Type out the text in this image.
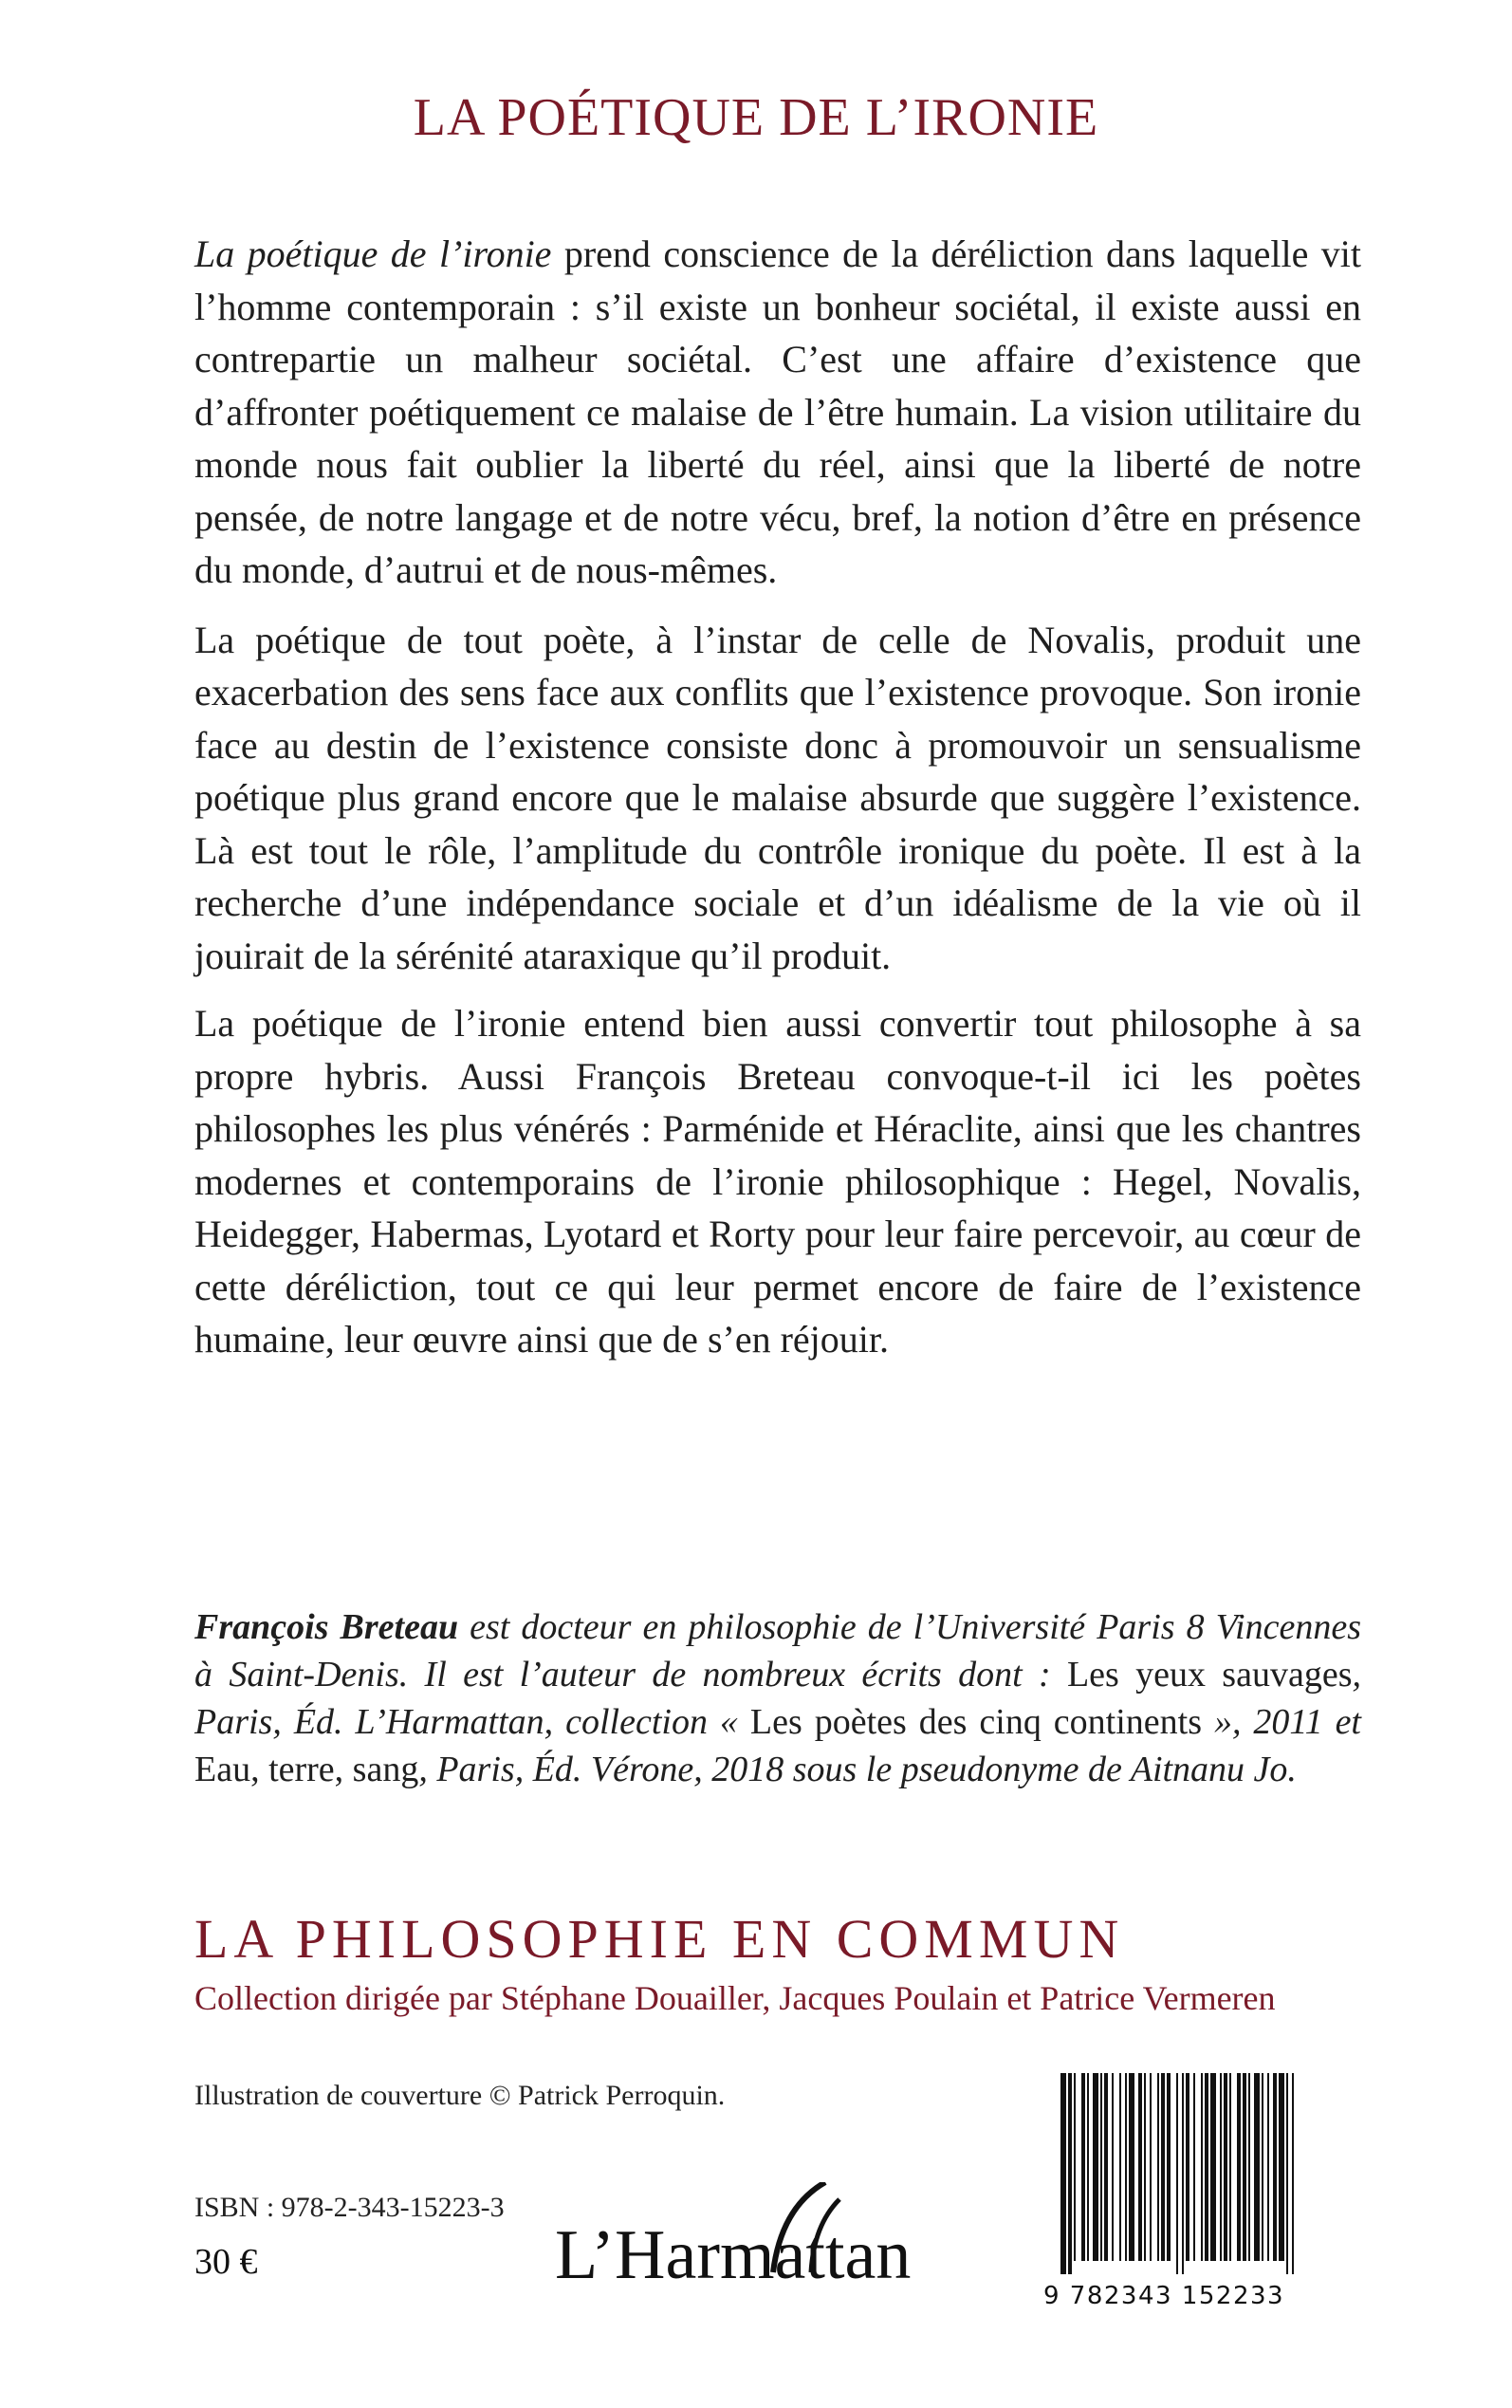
LA POÉTIQUE DE L’IRONIE

La poétique de l’ironie prend conscience de la déréliction dans laquelle vit l’homme contemporain : s’il existe un bonheur sociétal, il existe aussi en contrepartie un malheur sociétal. C’est une affaire d’existence que d’affronter poétiquement ce malaise de l’être humain. La vision utilitaire du monde nous fait oublier la liberté du réel, ainsi que la liberté de notre pensée, de notre langage et de notre vécu, bref, la notion d’être en présence du monde, d’autrui et de nous-mêmes.

La poétique de tout poète, à l’instar de celle de Novalis, produit une exacerbation des sens face aux conflits que l’existence provoque. Son ironie face au destin de l’existence consiste donc à promouvoir un sensualisme poétique plus grand encore que le malaise absurde que suggère l’existence. Là est tout le rôle, l’amplitude du contrôle ironique du poète. Il est à la recherche d’une indépendance sociale et d’un idéalisme de la vie où il jouirait de la sérénité ataraxique qu’il produit.

La poétique de l’ironie entend bien aussi convertir tout philosophe à sa propre hybris. Aussi François Breteau convoque-t-il ici les poètes philosophes les plus vénérés : Parménide et Héraclite, ainsi que les chantres modernes et contemporains de l’ironie philosophique : Hegel, Novalis, Heidegger, Habermas, Lyotard et Rorty pour leur faire percevoir, au cœur de cette déréliction, tout ce qui leur permet encore de faire de l’existence humaine, leur œuvre ainsi que de s’en réjouir.

François Breteau est docteur en philosophie de l’Université Paris 8 Vincennes à Saint-Denis. Il est l’auteur de nombreux écrits dont : Les yeux sauvages, Paris, Éd. L’Harmattan, collection « Les poètes des cinq continents », 2011 et Eau, terre, sang, Paris, Éd. Vérone, 2018 sous le pseudonyme de Aitnanu Jo.
LA PHILOSOPHIE EN COMMUN
Collection dirigée par Stéphane Douailler, Jacques Poulain et Patrice Vermeren
Illustration de couverture © Patrick Perroquin.
ISBN : 978-2-343-15223-3
30 €	L’Harmattan
9 782343 152233
